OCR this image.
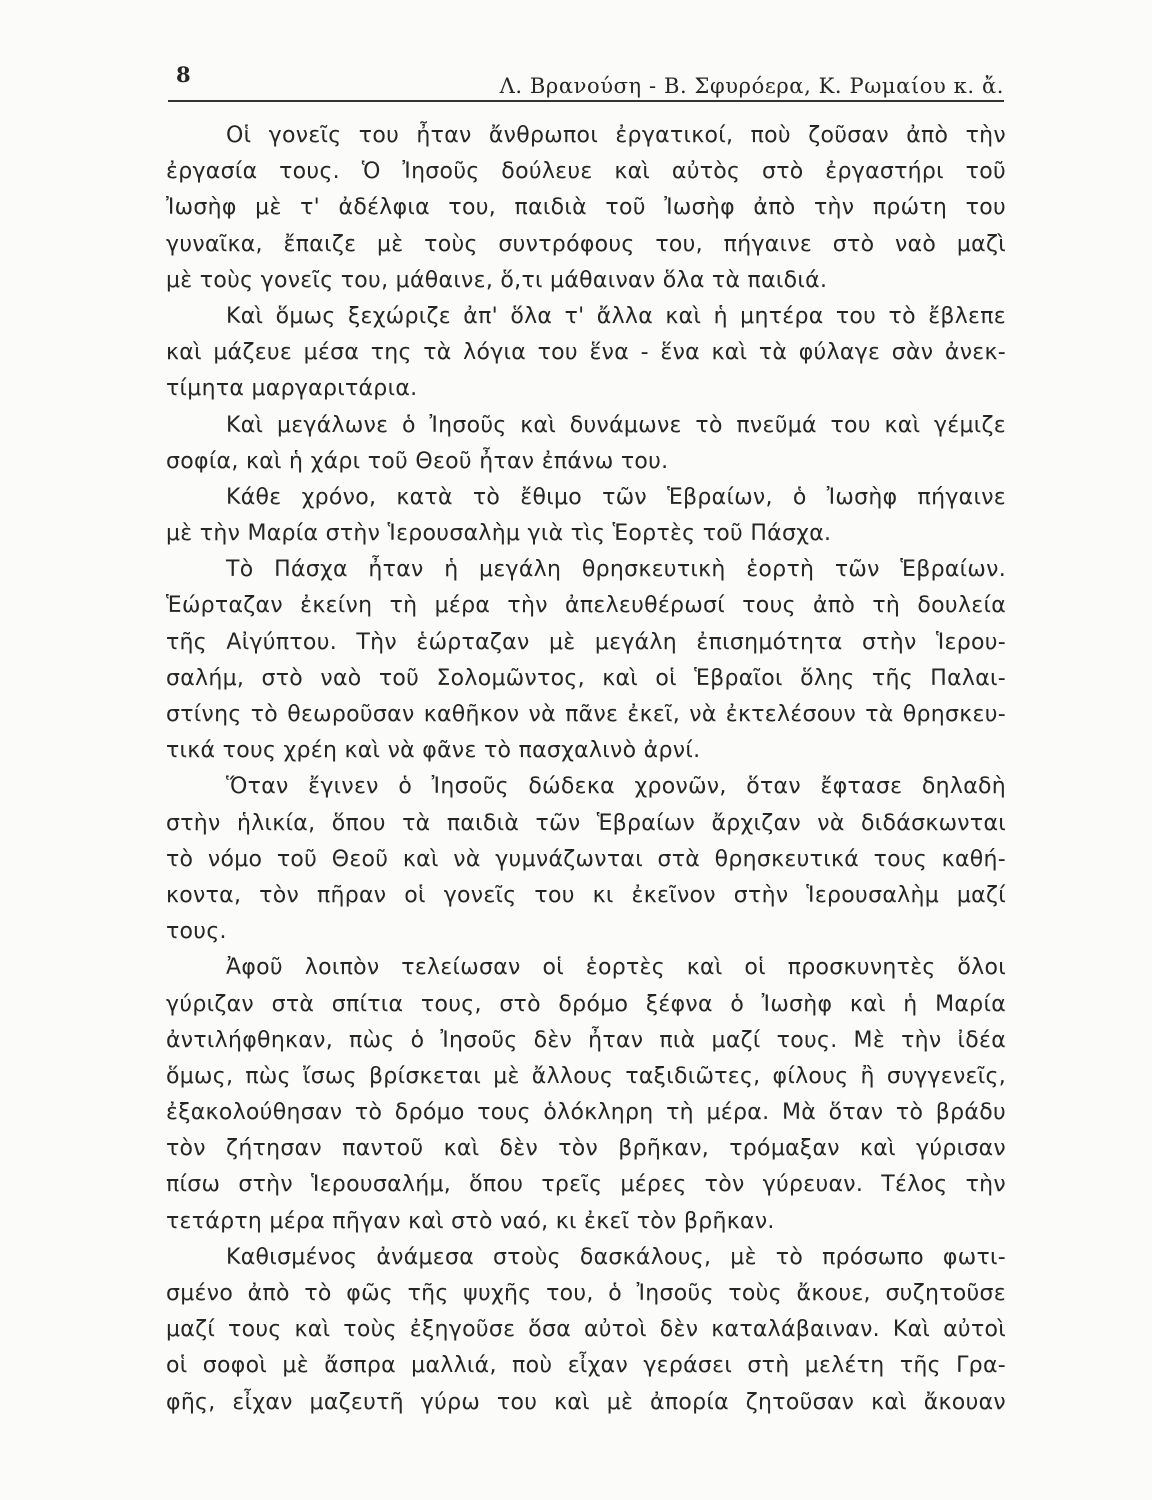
8	Λ. Βρανούση - Β. Σφυρόερα, Κ. Ρωμαίου κ. ἄ.
Οἱ γονεῖς του ἦταν ἄνθρωποι ἐργατικοί, ποὺ ζοῦσαν ἀπὸ τὴν
ἐργασία τους. Ὁ Ἰησοῦς δούλευε καὶ αὐτὸς στὸ ἐργαστήρι τοῦ
Ἰωσὴφ μὲ τ' ἀδέλφια του, παιδιὰ τοῦ Ἰωσὴφ ἀπὸ τὴν πρώτη του
γυναῖκα, ἔπαιζε μὲ τοὺς συντρόφους του, πήγαινε στὸ ναὸ μαζὶ
μὲ τοὺς γονεῖς του, μάθαινε, ὅ,τι μάθαιναν ὅλα τὰ παιδιά.
Καὶ ὅμως ξεχώριζε ἀπ' ὅλα τ' ἄλλα καὶ ἡ μητέρα του τὸ ἔβλεπε
καὶ μάζευε μέσα της τὰ λόγια του ἕνα - ἕνα καὶ τὰ φύλαγε σὰν ἀνεκ-
τίμητα μαργαριτάρια.
Καὶ μεγάλωνε ὁ Ἰησοῦς καὶ δυνάμωνε τὸ πνεῦμά του καὶ γέμιζε
σοφία, καὶ ἡ χάρι τοῦ Θεοῦ ἦταν ἐπάνω του.
Κάθε χρόνο, κατὰ τὸ ἔθιμο τῶν Ἑβραίων, ὁ Ἰωσὴφ πήγαινε
μὲ τὴν Μαρία στὴν Ἱερουσαλὴμ γιὰ τὶς Ἑορτὲς τοῦ Πάσχα.
Τὸ Πάσχα ἦταν ἡ μεγάλη θρησκευτικὴ ἑορτὴ τῶν Ἑβραίων.
Ἑώρταζαν ἐκείνη τὴ μέρα τὴν ἀπελευθέρωσί τους ἀπὸ τὴ δουλεία
τῆς Αἰγύπτου. Τὴν ἑώρταζαν μὲ μεγάλη ἐπισημότητα στὴν Ἱερου-
σαλήμ, στὸ ναὸ τοῦ Σολομῶντος, καὶ οἱ Ἑβραῖοι ὅλης τῆς Παλαι-
στίνης τὸ θεωροῦσαν καθῆκον νὰ πᾶνε ἐκεῖ, νὰ ἐκτελέσουν τὰ θρησκευ-
τικά τους χρέη καὶ νὰ φᾶνε τὸ πασχαλινὸ ἀρνί.
Ὅταν ἔγινεν ὁ Ἰησοῦς δώδεκα χρονῶν, ὅταν ἔφτασε δηλαδὴ
στὴν ἡλικία, ὅπου τὰ παιδιὰ τῶν Ἑβραίων ἄρχιζαν νὰ διδάσκωνται
τὸ νόμο τοῦ Θεοῦ καὶ νὰ γυμνάζωνται στὰ θρησκευτικά τους καθή-
κοντα, τὸν πῆραν οἱ γονεῖς του κι ἐκεῖνον στὴν Ἱερουσαλὴμ μαζί
τους.
Ἀφοῦ λοιπὸν τελείωσαν οἱ ἑορτὲς καὶ οἱ προσκυνητὲς ὅλοι
γύριζαν στὰ σπίτια τους, στὸ δρόμο ξέφνα ὁ Ἰωσὴφ καὶ ἡ Μαρία
ἀντιλήφθηκαν, πὼς ὁ Ἰησοῦς δὲν ἦταν πιὰ μαζί τους. Μὲ τὴν ἰδέα
ὅμως, πὼς ἴσως βρίσκεται μὲ ἄλλους ταξιδιῶτες, φίλους ἢ συγγενεῖς,
ἐξακολούθησαν τὸ δρόμο τους ὁλόκληρη τὴ μέρα. Μὰ ὅταν τὸ βράδυ
τὸν ζήτησαν παντοῦ καὶ δὲν τὸν βρῆκαν, τρόμαξαν καὶ γύρισαν
πίσω στὴν Ἱερουσαλήμ, ὅπου τρεῖς μέρες τὸν γύρευαν. Τέλος τὴν
τετάρτη μέρα πῆγαν καὶ στὸ ναό, κι ἐκεῖ τὸν βρῆκαν.
Καθισμένος ἀνάμεσα στοὺς δασκάλους, μὲ τὸ πρόσωπο φωτι-
σμένο ἀπὸ τὸ φῶς τῆς ψυχῆς του, ὁ Ἰησοῦς τοὺς ἄκουε, συζητοῦσε
μαζί τους καὶ τοὺς ἐξηγοῦσε ὅσα αὐτοὶ δὲν καταλάβαιναν. Καὶ αὐτοὶ
οἱ σοφοὶ μὲ ἄσπρα μαλλιά, ποὺ εἶχαν γεράσει στὴ μελέτη τῆς Γρα-
φῆς, εἶχαν μαζευτῆ γύρω του καὶ μὲ ἀπορία ζητοῦσαν καὶ ἄκουαν
